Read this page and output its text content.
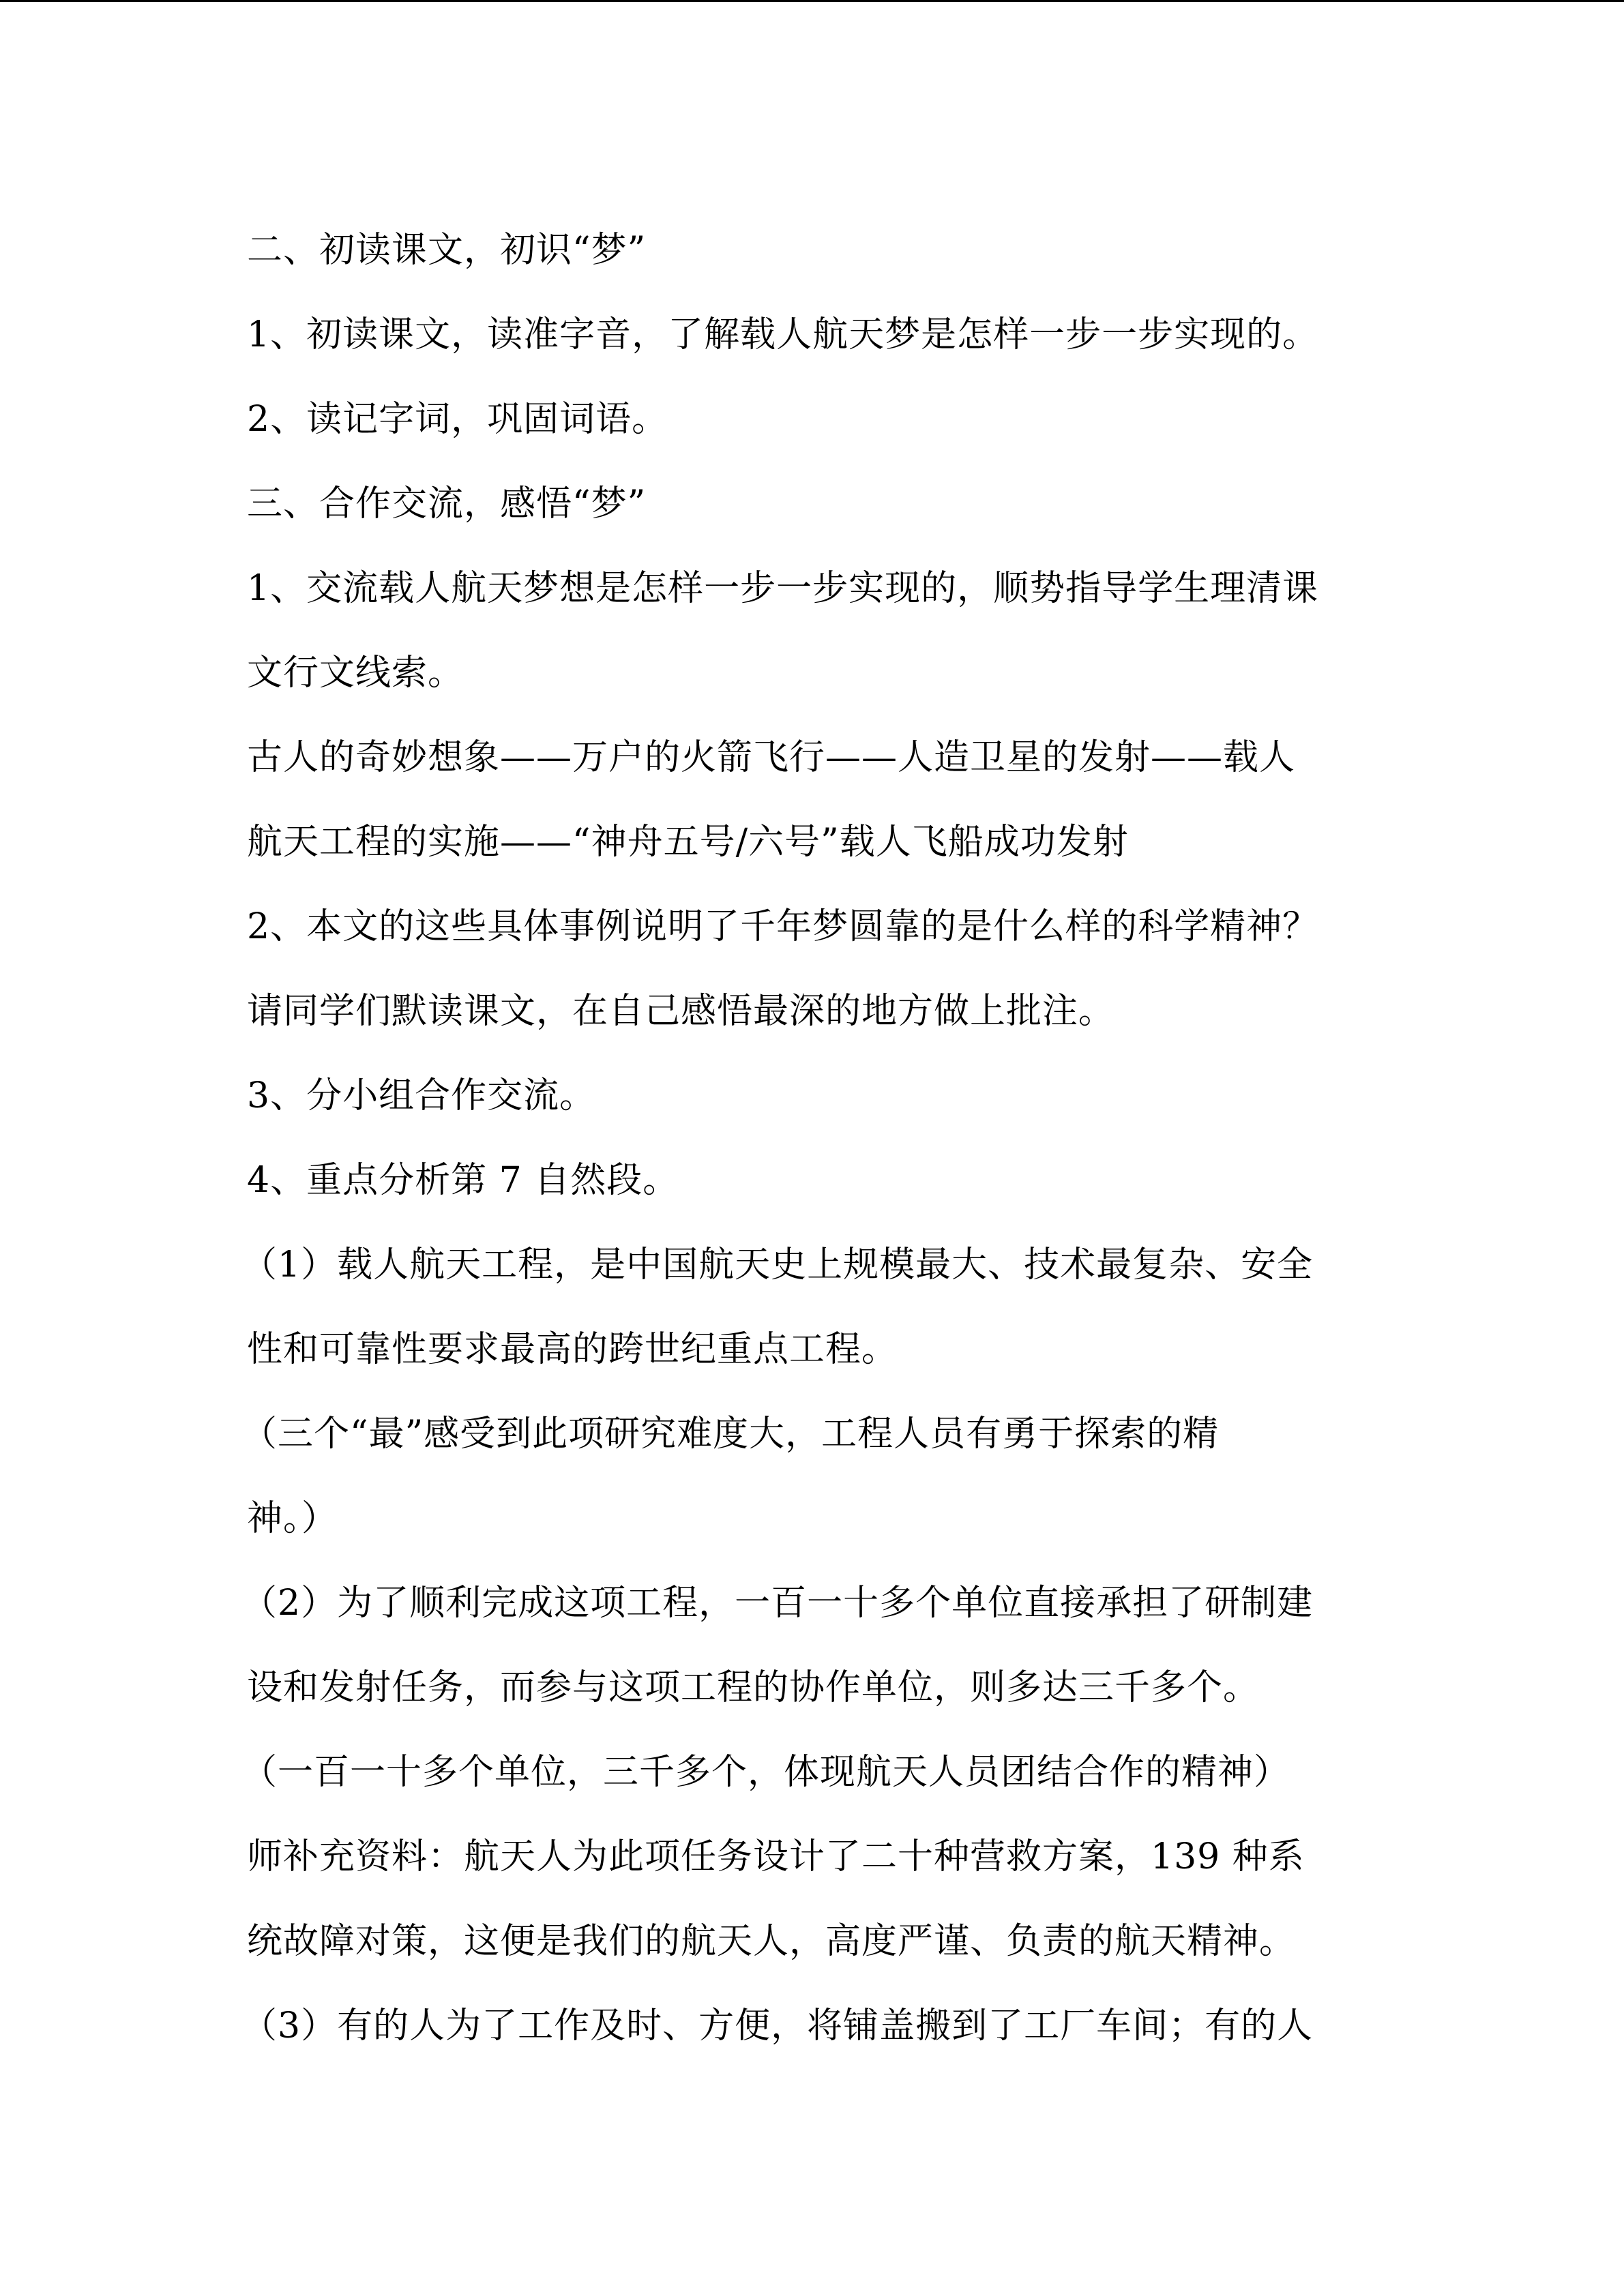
二、初读课文，初识“梦”
1、初读课文，读准字音，了解载人航天梦是怎样一步一步实现的。
2、读记字词，巩固词语。
三、合作交流，感悟“梦”
1、交流载人航天梦想是怎样一步一步实现的，顺势指导学生理清课
文行文线索。
古人的奇妙想象——万户的火箭飞行——人造卫星的发射——载人
航天工程的实施——“神舟五号/六号”载人飞船成功发射
2、本文的这些具体事例说明了千年梦圆靠的是什么样的科学精神？
请同学们默读课文，在自己感悟最深的地方做上批注。
3、分小组合作交流。
4、重点分析第 7 自然段。
（1）载人航天工程，是中国航天史上规模最大、技术最复杂、安全
性和可靠性要求最高的跨世纪重点工程。
（三个“最”感受到此项研究难度大，工程人员有勇于探索的精
神。）
（2）为了顺利完成这项工程，一百一十多个单位直接承担了研制建
设和发射任务，而参与这项工程的协作单位，则多达三千多个。
（一百一十多个单位，三千多个，体现航天人员团结合作的精神）
师补充资料：航天人为此项任务设计了二十种营救方案，139 种系
统故障对策，这便是我们的航天人，高度严谨、负责的航天精神。
（3）有的人为了工作及时、方便，将铺盖搬到了工厂车间；有的人
